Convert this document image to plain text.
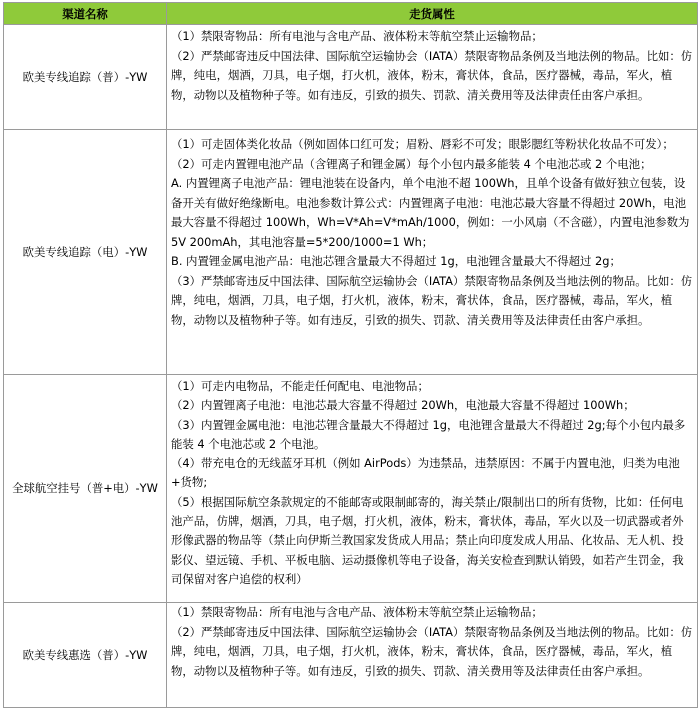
渠道名称	走货属性
欧美专线追踪（普）-YW	（1）禁限寄物品：所有电池与含电产品、液体粉末等航空禁止运输物品；
（2）严禁邮寄违反中国法律、国际航空运输协会（IATA）禁限寄物品条例及当地法例的物品。比如：仿牌，纯电，烟酒，刀具，电子烟，打火机，液体，粉末，膏状体，食品，医疗器械，毒品，军火，植物，动物以及植物种子等。如有违反，引致的损失、罚款、清关费用等及法律责任由客户承担。

欧美专线追踪（电）-YW	（1）可走固体类化妆品（例如固体口红可发；眉粉、唇彩不可发；眼影腮红等粉状化妆品不可发）；
（2）可走内置锂电池产品（含锂离子和锂金属）每个小包内最多能装 4 个电池芯或 2 个电池；
A. 内置锂离子电池产品：锂电池装在设备内，单个电池不超 100Wh，且单个设备有做好独立包装，设备开关有做好绝缘断电。电池参数计算公式：内置锂离子电池：电池芯最大容量不得超过 20Wh，电池最大容量不得超过 100Wh，Wh=V*Ah=V*mAh/1000，例如：一小风扇（不含磁），内置电池参数为 5V 200mAh，其电池容量=5*200/1000=1 Wh；
B. 内置锂金属电池产品：电池芯锂含量最大不得超过 1g，电池锂含量最大不得超过 2g；
（3）严禁邮寄违反中国法律、国际航空运输协会（IATA）禁限寄物品条例及当地法例的物品。比如：仿牌，纯电，烟酒，刀具，电子烟，打火机，液体，粉末，膏状体，食品，医疗器械，毒品，军火，植物，动物以及植物种子等。如有违反，引致的损失、罚款、清关费用等及法律责任由客户承担。

全球航空挂号（普+电）-YW	（1）可走内电物品，不能走任何配电、电池物品；
（2）内置锂离子电池：电池芯最大容量不得超过 20Wh，电池最大容量不得超过 100Wh；
（3）内置锂金属电池：电池芯锂含量最大不得超过 1g，电池锂含量最大不得超过 2g;每个小包内最多能装 4 个电池芯或 2 个电池。
（4）带充电仓的无线蓝牙耳机（例如 AirPods）为违禁品，违禁原因：不属于内置电池，归类为电池+货物;
（5）根据国际航空条款规定的不能邮寄或限制邮寄的，海关禁止/限制出口的所有货物，比如：任何电池产品，仿牌，烟酒，刀具，电子烟，打火机，液体，粉末，膏状体，毒品，军火以及一切武器或者外形像武器的物品等（禁止向伊斯兰教国家发货成人用品；禁止向印度发成人用品、化妆品、无人机、投影仪、望远镜、手机、平板电脑、运动摄像机等电子设备，海关安检查到默认销毁，如若产生罚金，我司保留对客户追偿的权利）

欧美专线惠选（普）-YW	（1）禁限寄物品：所有电池与含电产品、液体粉末等航空禁止运输物品；
（2）严禁邮寄违反中国法律、国际航空运输协会（IATA）禁限寄物品条例及当地法例的物品。比如：仿牌，纯电，烟酒，刀具，电子烟，打火机，液体，粉末，膏状体，食品，医疗器械，毒品，军火，植物，动物以及植物种子等。如有违反，引致的损失、罚款、清关费用等及法律责任由客户承担。
